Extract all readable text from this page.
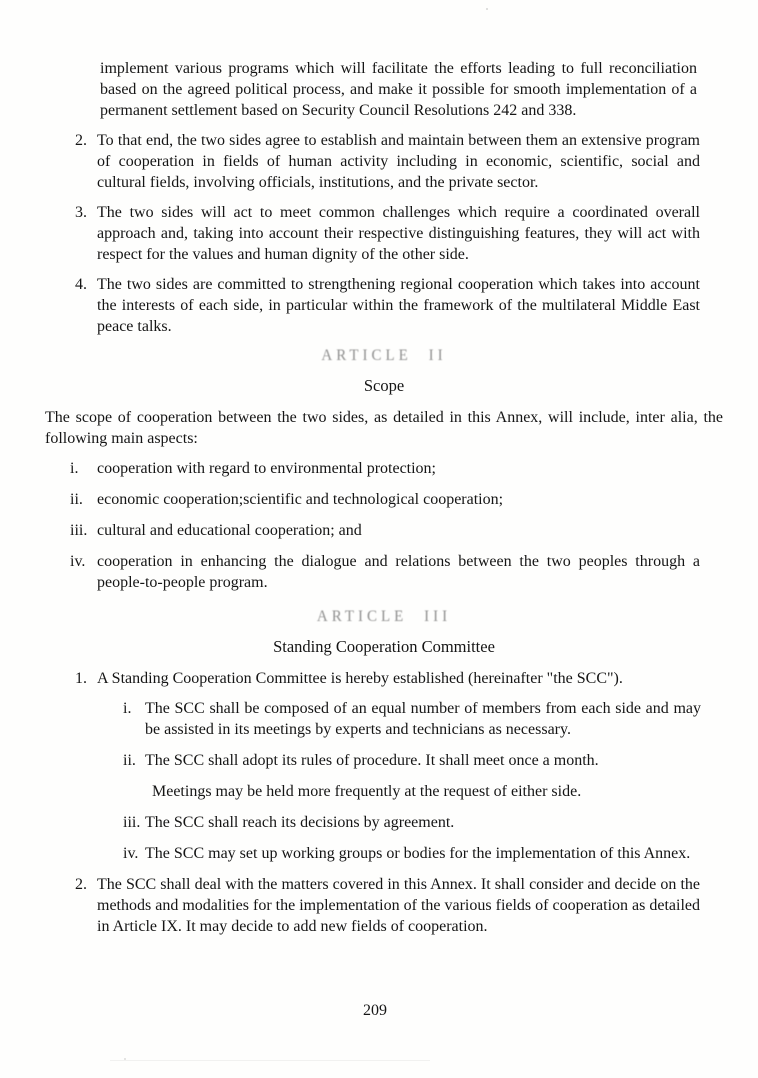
implement various programs which will facilitate the efforts leading to full reconciliation based on the agreed political process, and make it possible for smooth implementation of a permanent settlement based on Security Council Resolutions 242 and 338.

2. To that end, the two sides agree to establish and maintain between them an extensive program of cooperation in fields of human activity including in economic, scientific, social and cultural fields, involving officials, institutions, and the private sector.
3. The two sides will act to meet common challenges which require a coordinated overall approach and, taking into account their respective distinguishing features, they will act with respect for the values and human dignity of the other side.
4. The two sides are committed to strengthening regional cooperation which takes into account the interests of each side, in particular within the framework of the multilateral Middle East peace talks.

ARTICLE II

Scope

The scope of cooperation between the two sides, as detailed in this Annex, will include, inter alia, the following main aspects:

i.	cooperation with regard to environmental protection;
ii. economic cooperation;scientific and technological cooperation;
iii. cultural and educational cooperation; and
iv. cooperation in enhancing the dialogue and relations between the two peoples through a people-to-people program.

ARTICLE III

Standing Cooperation Committee

1. A Standing Cooperation Committee is hereby established (hereinafter "the SCC").
i. The SCC shall be composed of an equal number of members from each side and may be assisted in its meetings by experts and technicians as necessary.
ii. The SCC shall adopt its rules of procedure. It shall meet once a month.

Meetings may be held more frequently at the request of either side.

iii. The SCC shall reach its decisions by agreement.
iv. The SCC may set up working groups or bodies for the implementation of this Annex.
2. The SCC shall deal with the matters covered in this Annex. It shall consider and decide on the methods and modalities for the implementation of the various fields of cooperation as detailed in Article IX. It may decide to add new fields of cooperation.
209
